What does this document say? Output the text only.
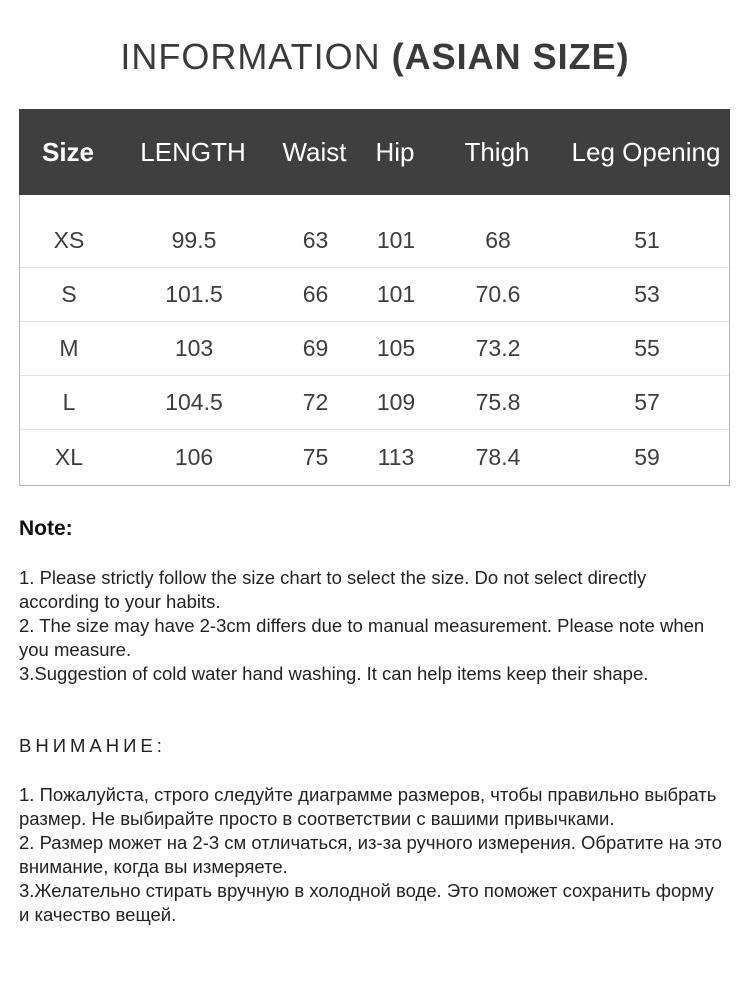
INFORMATION (ASIAN SIZE)
Size	LENGTH	Waist	Hip	Thigh	Leg Opening
XS	99.5	63	101	68	51
S	101.5	66	101	70.6	53
M	103	69	105	73.2	55
L	104.5	72	109	75.8	57
XL	106	75	113	78.4	59
Note:

1. Please strictly follow the size chart to select the size. Do not select directly according to your habits.

2. The size may have 2-3cm differs due to manual measurement. Please note when you measure.

3.Suggestion of cold water hand washing. It can help items keep their shape.

ВНИМАНИЕ:

1. Пожалуйста, строго следуйте диаграмме размеров, чтобы правильно выбрать размер. Не выбирайте просто в соответствии с вашими привычками.

2. Размер может на 2-3 см отличаться, из-за ручного измерения. Обратите на это внимание, когда вы измеряете.

3.Желательно стирать вручную в холодной воде. Это поможет сохранить форму и качество вещей.
